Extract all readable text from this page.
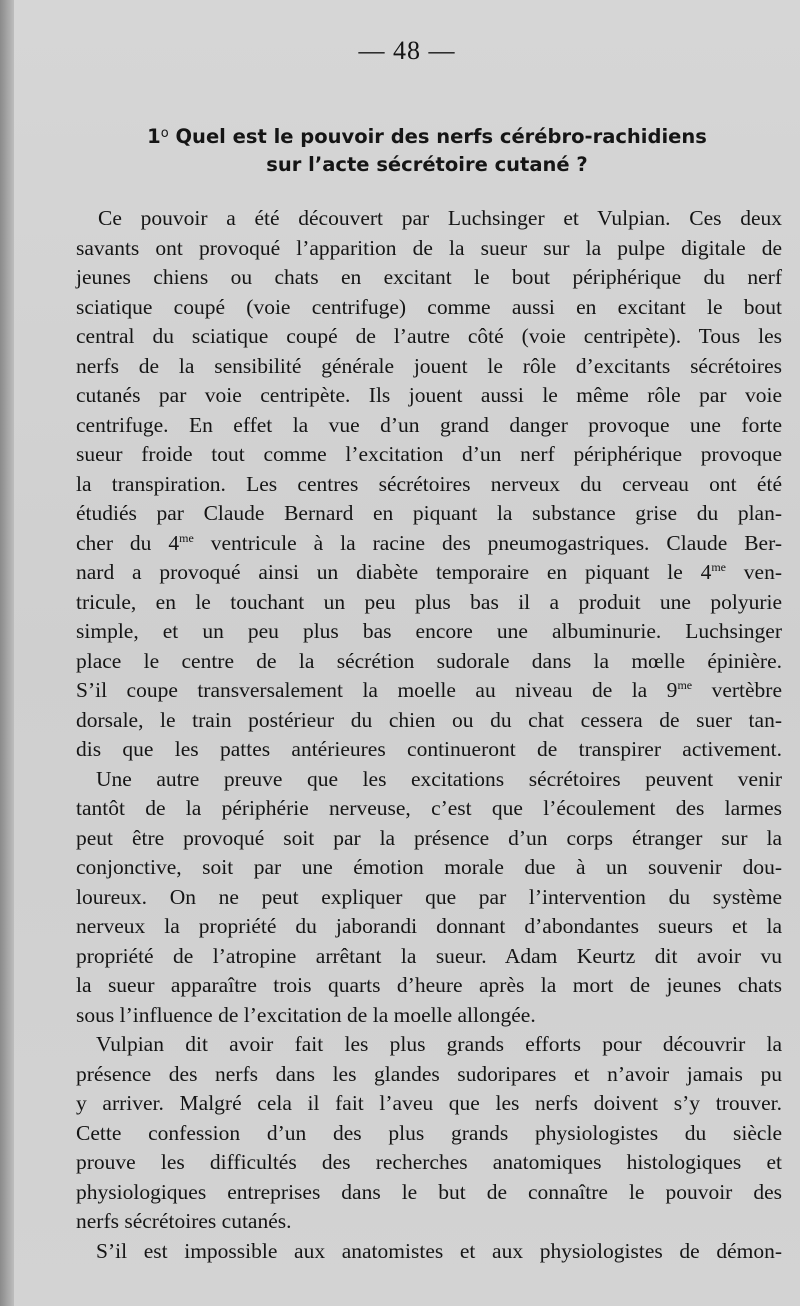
— 48 —
1$^o$ Quel est le pouvoir des nerfs cérébro-rachidiens
sur l’acte sécrétoire cutané ?
Ce pouvoir a été découvert par Luchsinger et Vulpian. Ces deux
savants ont provoqué l’apparition de la sueur sur la pulpe digitale de
jeunes chiens ou chats en excitant le bout périphérique du nerf
sciatique coupé (voie centrifuge) comme aussi en excitant le bout
central du sciatique coupé de l’autre côté (voie centripète). Tous les
nerfs de la sensibilité générale jouent le rôle d’excitants sécrétoires
cutanés par voie centripète. Ils jouent aussi le même rôle par voie
centrifuge. En effet la vue d’un grand danger provoque une forte
sueur froide tout comme l’excitation d’un nerf périphérique provoque
la transpiration. Les centres sécrétoires nerveux du cerveau ont été
étudiés par Claude Bernard en piquant la substance grise du plan-
cher du $4^{me}$ ventricule à la racine des pneumogastriques. Claude Ber-
nard a provoqué ainsi un diabète temporaire en piquant le $4^{me}$ ven-
tricule, en le touchant un peu plus bas il a produit une polyurie
simple, et un peu plus bas encore une albuminurie. Luchsinger
place le centre de la sécrétion sudorale dans la mœlle épinière.
S’il coupe transversalement la moelle au niveau de la $9^{me}$ vertèbre
dorsale, le train postérieur du chien ou du chat cessera de suer tan-
dis que les pattes antérieures continueront de transpirer activement.
Une autre preuve que les excitations sécrétoires peuvent venir
tantôt de la périphérie nerveuse, c’est que l’écoulement des larmes
peut être provoqué soit par la présence d’un corps étranger sur la
conjonctive, soit par une émotion morale due à un souvenir dou-
loureux. On ne peut expliquer que par l’intervention du système
nerveux la propriété du jaborandi donnant d’abondantes sueurs et la
propriété de l’atropine arrêtant la sueur. Adam Keurtz dit avoir vu
la sueur apparaître trois quarts d’heure après la mort de jeunes chats
sous l’influence de l’excitation de la moelle allongée.
Vulpian dit avoir fait les plus grands efforts pour découvrir la
présence des nerfs dans les glandes sudoripares et n’avoir jamais pu
y arriver. Malgré cela il fait l’aveu que les nerfs doivent s’y trouver.
Cette confession d’un des plus grands physiologistes du siècle
prouve les difficultés des recherches anatomiques histologiques et
physiologiques entreprises dans le but de connaître le pouvoir des
nerfs sécrétoires cutanés.
S’il est impossible aux anatomistes et aux physiologistes de démon-
